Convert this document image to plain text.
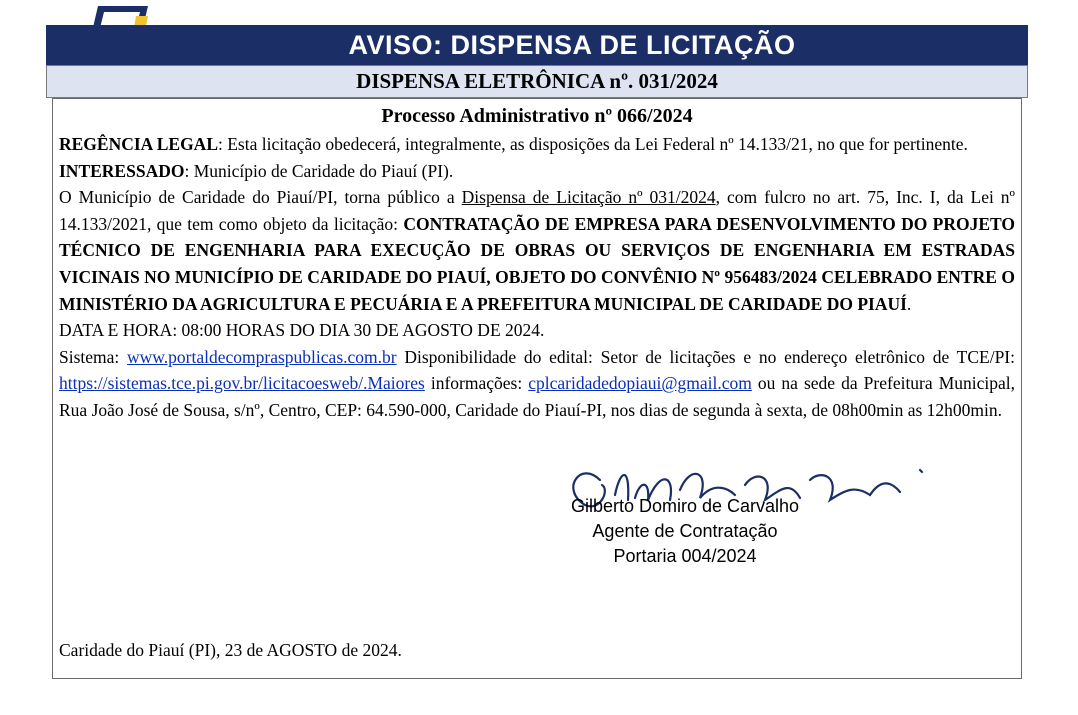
AVISO: DISPENSA DE LICITAÇÃO
DISPENSA ELETRÔNICA nº. 031/2024
Processo Administrativo nº 066/2024

REGÊNCIA LEGAL: Esta licitação obedecerá, integralmente, as disposições da Lei Federal nº 14.133/21, no que for pertinente.

INTERESSADO: Município de Caridade do Piauí (PI).

O Município de Caridade do Piauí/PI, torna público a Dispensa de Licitação nº 031/2024, com fulcro no art. 75, Inc. I, da Lei nº 14.133/2021, que tem como objeto da licitação: CONTRATAÇÃO DE EMPRESA PARA DESENVOLVIMENTO DO PROJETO TÉCNICO DE ENGENHARIA PARA EXECUÇÃO DE OBRAS OU SERVIÇOS DE ENGENHARIA EM ESTRADAS VICINAIS NO MUNICÍPIO DE CARIDADE DO PIAUÍ, OBJETO DO CONVÊNIO Nº 956483/2024 CELEBRADO ENTRE O MINISTÉRIO DA AGRICULTURA E PECUÁRIA E A PREFEITURA MUNICIPAL DE CARIDADE DO PIAUÍ.

DATA E HORA: 08:00 HORAS DO DIA 30 DE AGOSTO DE 2024.

Sistema: www.portaldecompraspublicas.com.br Disponibilidade do edital: Setor de licitações e no endereço eletrônico de TCE/PI: https://sistemas.tce.pi.gov.br/licitacoesweb/.Maiores informações: cplcaridadedopiaui@gmail.com ou na sede da Prefeitura Municipal, Rua João José de Sousa, s/nº, Centro, CEP: 64.590-000, Caridade do Piauí-PI, nos dias de segunda à sexta, de 08h00min as 12h00min.

Caridade do Piauí (PI), 23 de AGOSTO de 2024.
Gilberto Domiro de Carvalho
Agente de Contratação
Portaria 004/2024
